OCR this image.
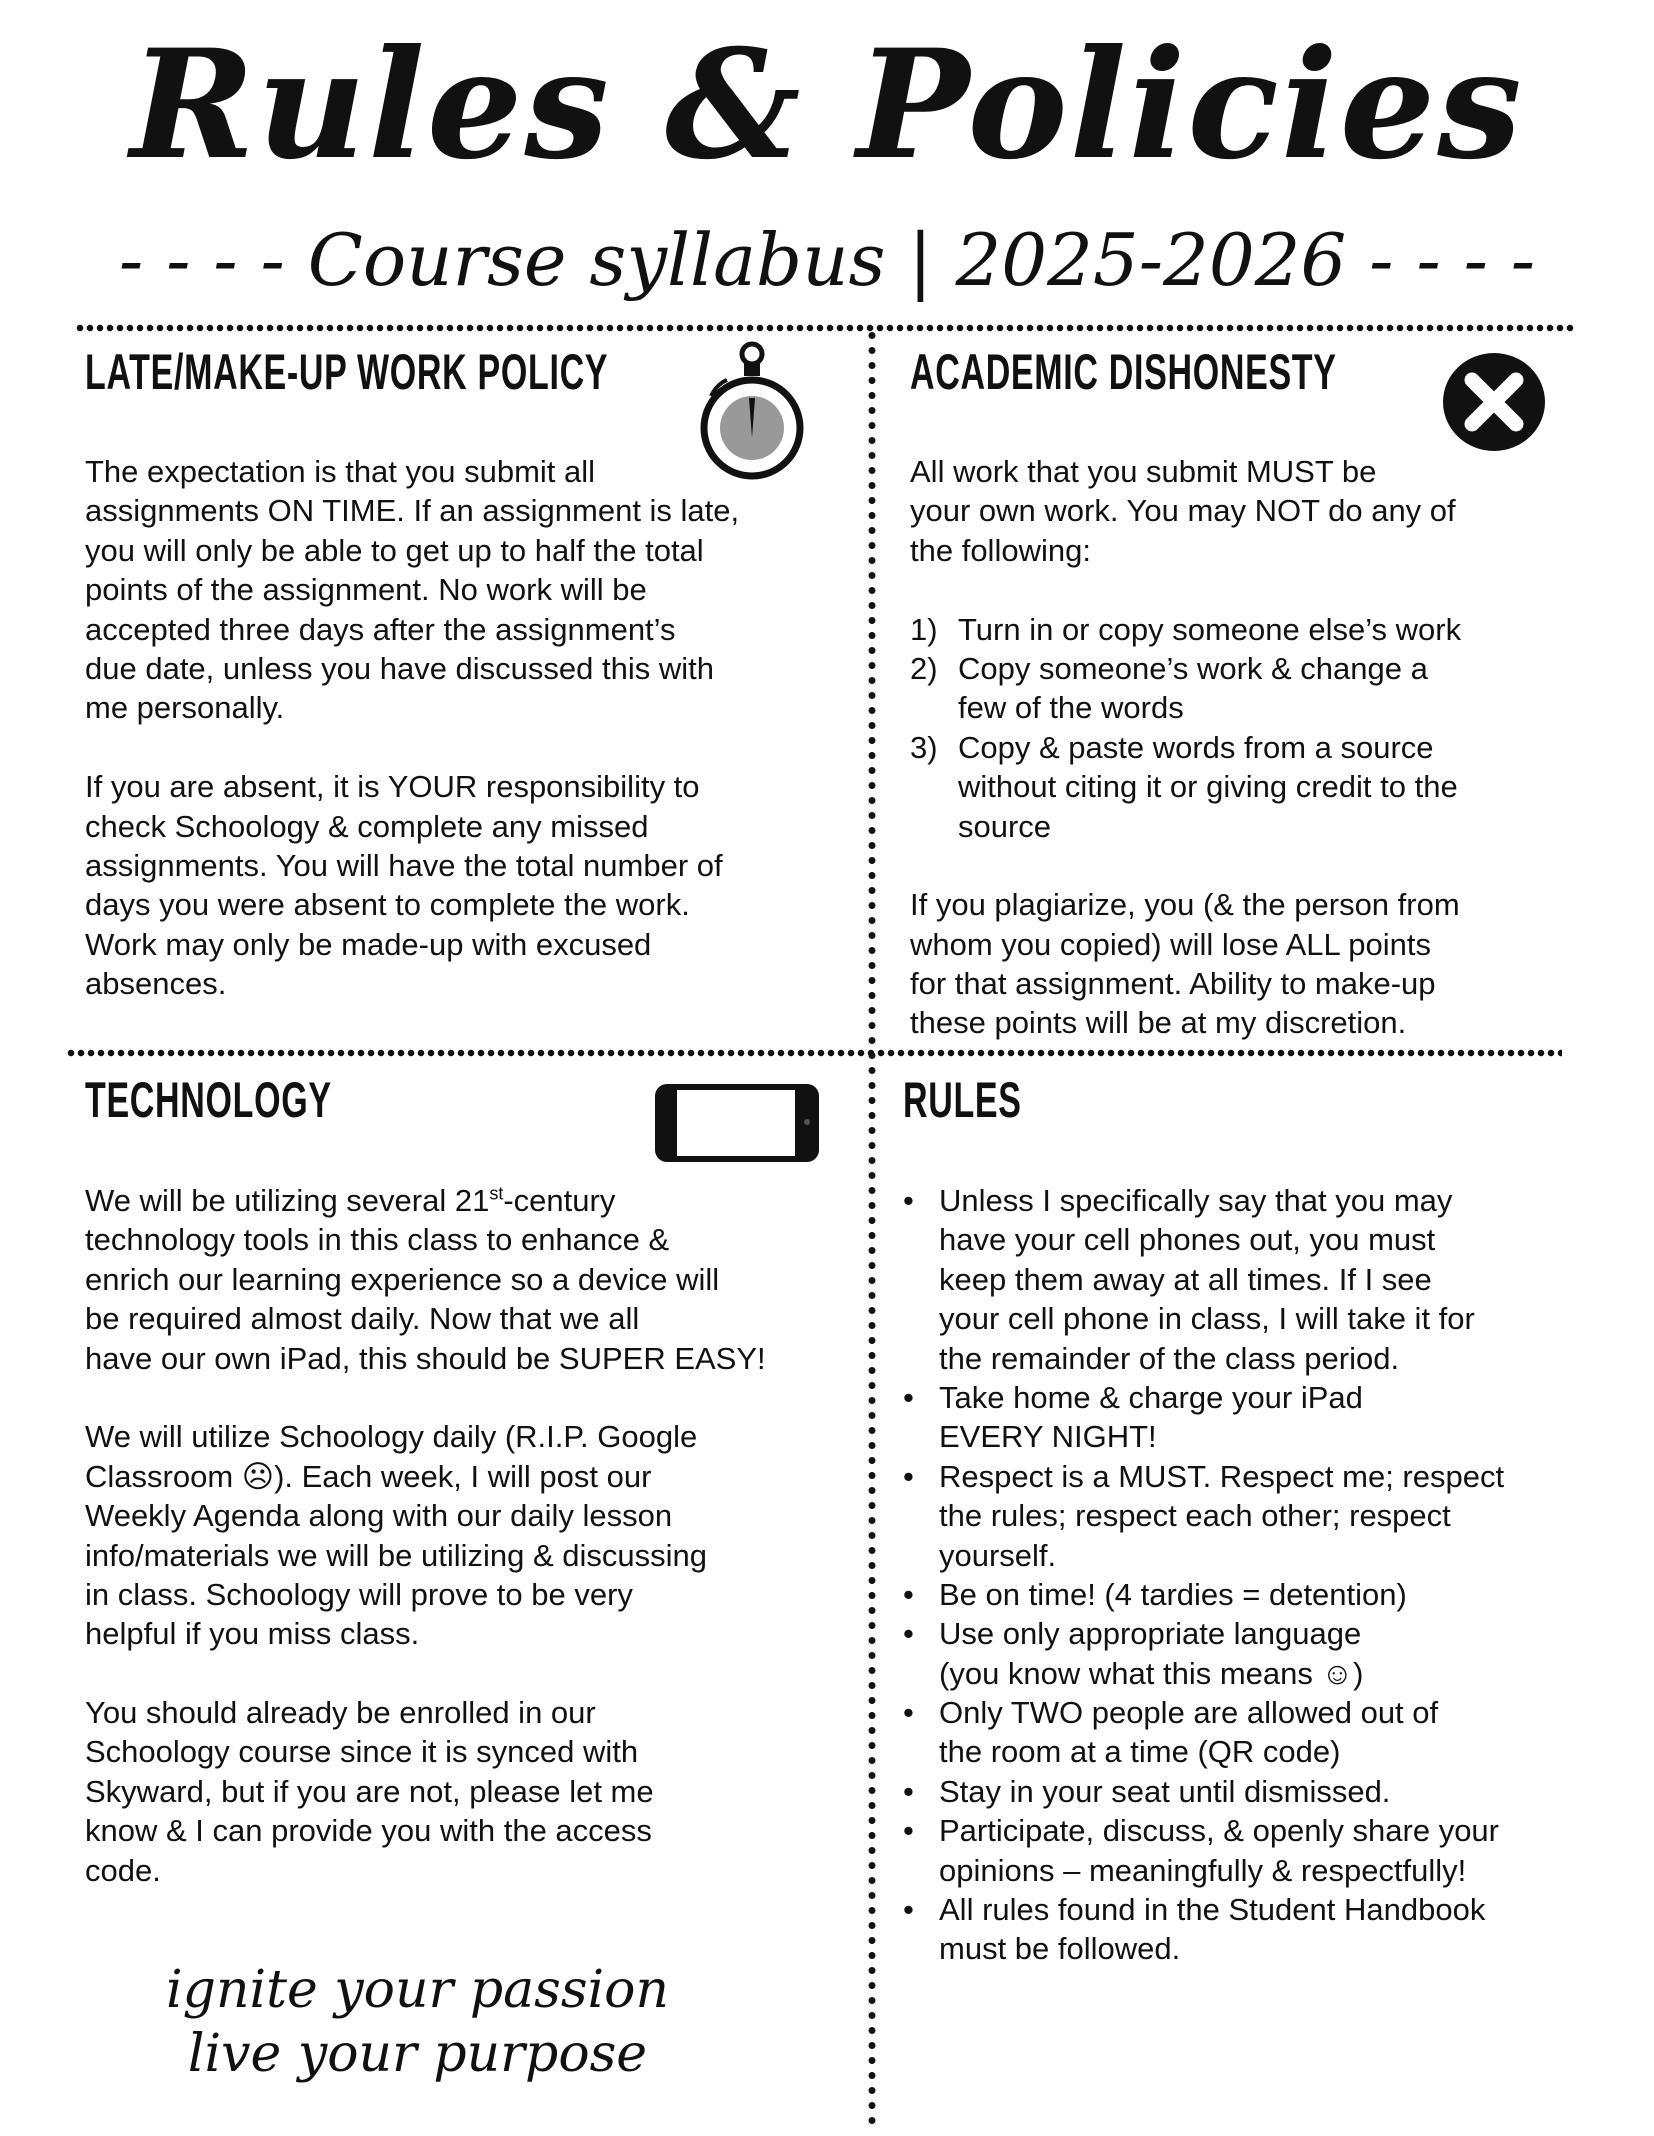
Rules & Policies
- - - - Course syllabus | 2025-2026 - - - -
LATE/MAKE-UP WORK POLICY
The expectation is that you submit all
assignments ON TIME. If an assignment is late,
you will only be able to get up to half the total
points of the assignment. No work will be
accepted three days after the assignment’s
due date, unless you have discussed this with
me personally.
If you are absent, it is YOUR responsibility to
check Schoology & complete any missed
assignments. You will have the total number of
days you were absent to complete the work.
Work may only be made-up with excused
absences.
ACADEMIC DISHONESTY
All work that you submit MUST be
your own work. You may NOT do any of
the following:
1) Turn in or copy someone else’s work
2) Copy someone’s work & change a
few of the words
3) Copy & paste words from a source
without citing it or giving credit to the
source
If you plagiarize, you (& the person from
whom you copied) will lose ALL points
for that assignment. Ability to make-up
these points will be at my discretion.
TECHNOLOGY
We will be utilizing several 21st-century
technology tools in this class to enhance &
enrich our learning experience so a device will
be required almost daily. Now that we all
have our own iPad, this should be SUPER EASY!
We will utilize Schoology daily (R.I.P. Google
Classroom ☹). Each week, I will post our
Weekly Agenda along with our daily lesson
info/materials we will be utilizing & discussing
in class. Schoology will prove to be very
helpful if you miss class.
You should already be enrolled in our
Schoology course since it is synced with
Skyward, but if you are not, please let me
know & I can provide you with the access
code.
RULES
• Unless I specifically say that you may
have your cell phones out, you must
keep them away at all times. If I see
your cell phone in class, I will take it for
the remainder of the class period.
• Take home & charge your iPad
EVERY NIGHT!
• Respect is a MUST. Respect me; respect
the rules; respect each other; respect
yourself.
• Be on time! (4 tardies = detention)
• Use only appropriate language
(you know what this means ☺)
• Only TWO people are allowed out of
the room at a time (QR code)
• Stay in your seat until dismissed.
• Participate, discuss, & openly share your
opinions – meaningfully & respectfully!
• All rules found in the Student Handbook
must be followed.
ignite your passion
live your purpose
